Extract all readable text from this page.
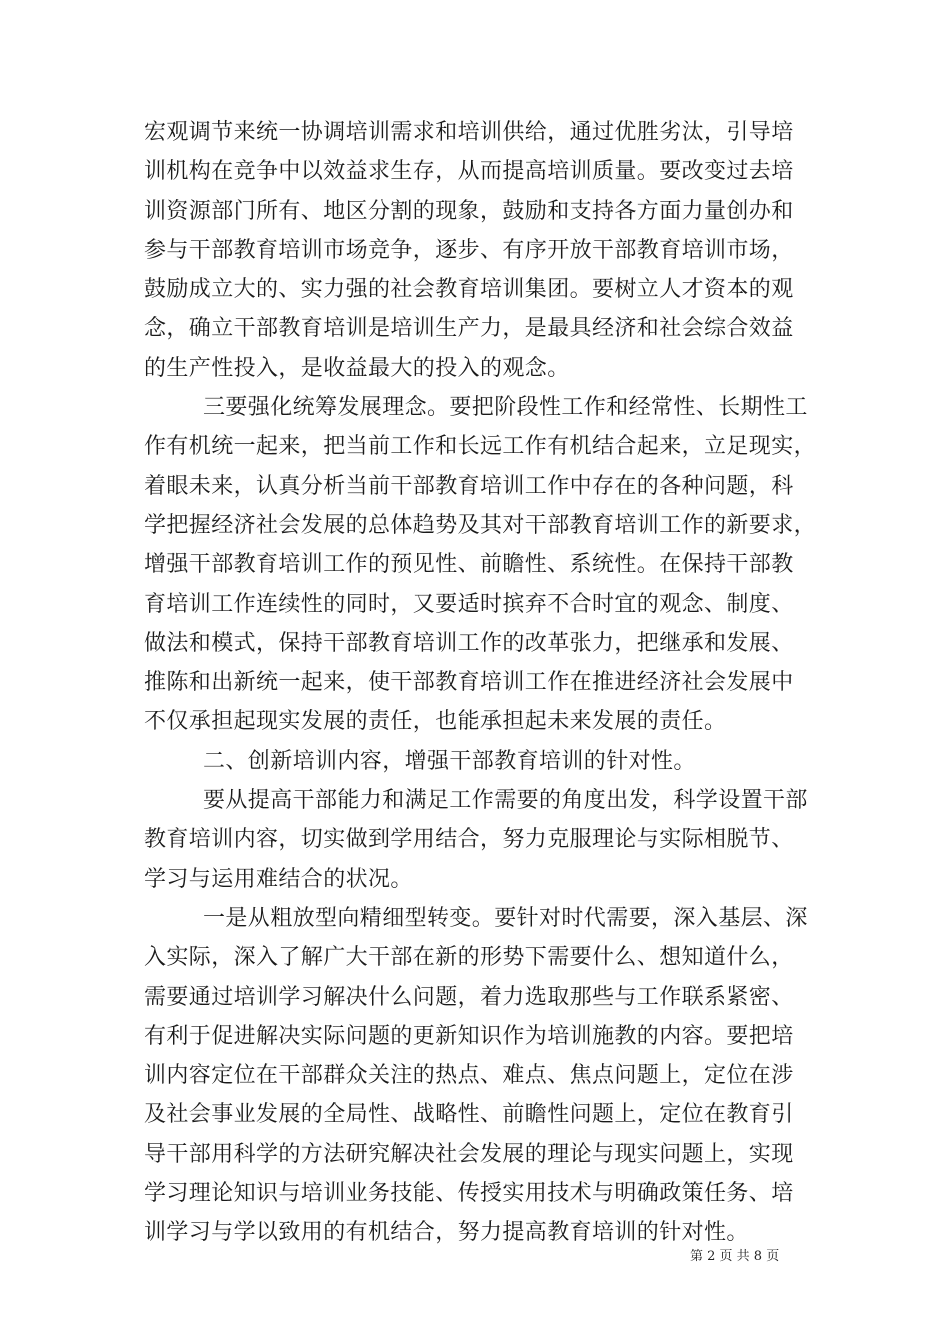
宏观调节来统一协调培训需求和培训供给，通过优胜劣汰，引导培
训机构在竞争中以效益求生存，从而提高培训质量。要改变过去培
训资源部门所有、地区分割的现象，鼓励和支持各方面力量创办和
参与干部教育培训市场竞争，逐步、有序开放干部教育培训市场，
鼓励成立大的、实力强的社会教育培训集团。要树立人才资本的观
念，确立干部教育培训是培训生产力，是最具经济和社会综合效益
的生产性投入，是收益最大的投入的观念。
三要强化统筹发展理念。要把阶段性工作和经常性、长期性工
作有机统一起来，把当前工作和长远工作有机结合起来，立足现实，
着眼未来，认真分析当前干部教育培训工作中存在的各种问题，科
学把握经济社会发展的总体趋势及其对干部教育培训工作的新要求，
增强干部教育培训工作的预见性、前瞻性、系统性。在保持干部教
育培训工作连续性的同时，又要适时摈弃不合时宜的观念、制度、
做法和模式，保持干部教育培训工作的改革张力，把继承和发展、
推陈和出新统一起来，使干部教育培训工作在推进经济社会发展中
不仅承担起现实发展的责任，也能承担起未来发展的责任。
二、创新培训内容，增强干部教育培训的针对性。
要从提高干部能力和满足工作需要的角度出发，科学设置干部
教育培训内容，切实做到学用结合，努力克服理论与实际相脱节、
学习与运用难结合的状况。
一是从粗放型向精细型转变。要针对时代需要，深入基层、深
入实际，深入了解广大干部在新的形势下需要什么、想知道什么，
需要通过培训学习解决什么问题，着力选取那些与工作联系紧密、
有利于促进解决实际问题的更新知识作为培训施教的内容。要把培
训内容定位在干部群众关注的热点、难点、焦点问题上，定位在涉
及社会事业发展的全局性、战略性、前瞻性问题上，定位在教育引
导干部用科学的方法研究解决社会发展的理论与现实问题上，实现
学习理论知识与培训业务技能、传授实用技术与明确政策任务、培
训学习与学以致用的有机结合，努力提高教育培训的针对性。
第 2 页 共 8 页
